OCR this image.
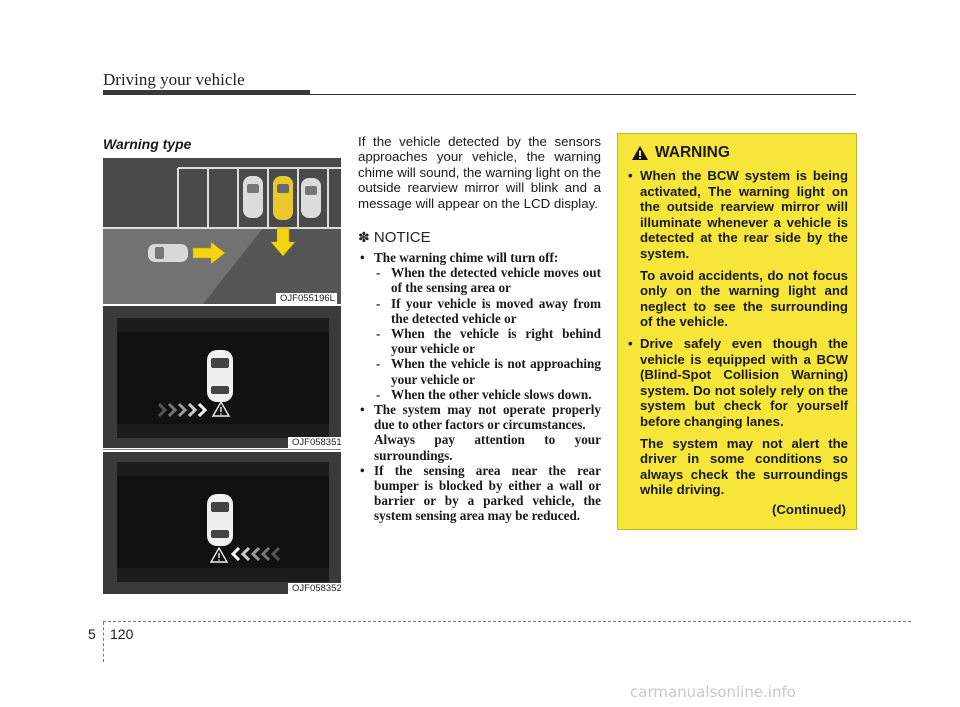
Driving your vehicle
Warning type
OJF055196L
OJF058351
OJF058352

If the vehicle detected by the sensors approaches your vehicle, the warning chime will sound, the warning light on the outside rearview mirror will blink and a message will appear on the LCD display.

✽ NOTICE
• The warning chime will turn off:
- When the detected vehicle moves out of the sensing area or
- If your vehicle is moved away from the detected vehicle or
- When the vehicle is right behind your vehicle or
- When the vehicle is not approaching your vehicle or
- When the other vehicle slows down.
• The system may not operate properly due to other factors or circumstances.
Always pay attention to your surroundings.
• If the sensing area near the rear bumper is blocked by either a wall or barrier or by a parked vehicle, the system sensing area may be reduced.
WARNING
• When the BCW system is being activated, The warning light on the outside rearview mirror will illuminate whenever a vehicle is detected at the rear side by the system.
To avoid accidents, do not focus only on the warning light and neglect to see the surrounding of the vehicle.
• Drive safely even though the vehicle is equipped with a BCW (Blind-Spot Collision Warning) system. Do not solely rely on the system but check for yourself before changing lanes.
The system may not alert the driver in some conditions so always check the surroundings while driving.
(Continued)
5 120
carmanualsonline.info
